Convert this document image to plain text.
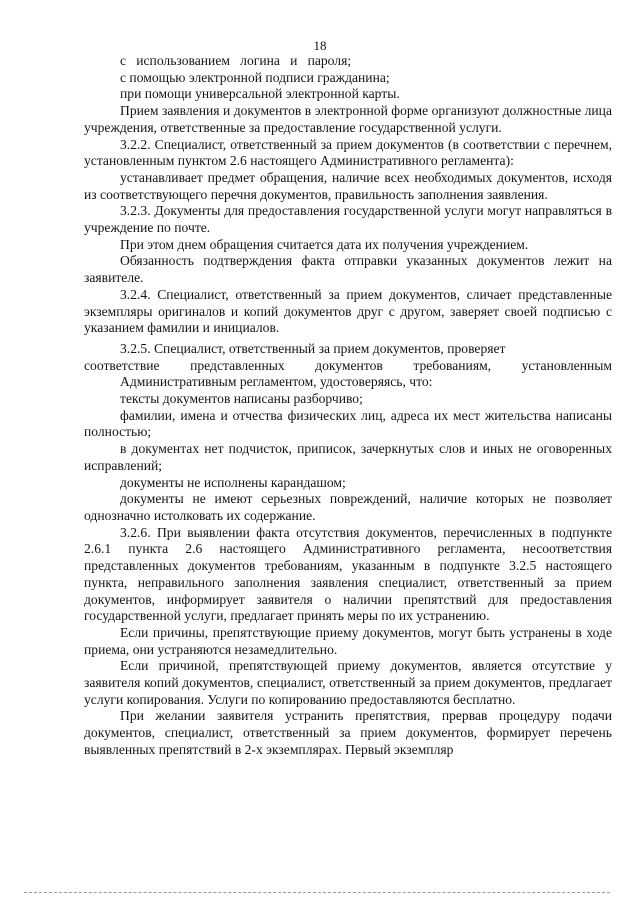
18

с использованием логина и пароля;

с помощью электронной подписи гражданина;

при помощи универсальной электронной карты.

Прием заявления и документов в электронной форме организуют должностные лица учреждения, ответственные за предоставление государственной услуги.

3.2.2. Специалист, ответственный за прием документов (в соответствии с перечнем, установленным пунктом 2.6 настоящего Административного регламента):

устанавливает предмет обращения, наличие всех необходимых документов, исходя из соответствующего перечня документов, правильность заполнения заявления.

3.2.3. Документы для предоставления государственной услуги могут направляться в учреждение по почте.

При этом днем обращения считается дата их получения учреждением.

Обязанность подтверждения факта отправки указанных документов лежит на заявителе.

3.2.4. Специалист, ответственный за прием документов, сличает представленные экземпляры оригиналов и копий документов друг с другом, заверяет своей подписью с указанием фамилии и инициалов.

3.2.5. Специалист, ответственный за прием документов, проверяет
соответствие представленных документов требованиям, установленным
Административным регламентом, удостоверяясь, что:

тексты документов написаны разборчиво;

фамилии, имена и отчества физических лиц, адреса их мест жительства написаны полностью;

в документах нет подчисток, приписок, зачеркнутых слов и иных не оговоренных исправлений;

документы не исполнены карандашом;

документы не имеют серьезных повреждений, наличие которых не позволяет однозначно истолковать их содержание.

3.2.6. При выявлении факта отсутствия документов, перечисленных в подпункте 2.6.1 пункта 2.6 настоящего Административного регламента, несоответствия представленных документов требованиям, указанным в подпункте 3.2.5 настоящего пункта, неправильного заполнения заявления специалист, ответственный за прием документов, информирует заявителя о наличии препятствий для предоставления государственной услуги, предлагает принять меры по их устранению.

Если причины, препятствующие приему документов, могут быть устранены в ходе приема, они устраняются незамедлительно.

Если причиной, препятствующей приему документов, является отсутствие у заявителя копий документов, специалист, ответственный за прием документов, предлагает услуги копирования. Услуги по копированию предоставляются бесплатно.

При желании заявителя устранить препятствия, прервав процедуру подачи документов, специалист, ответственный за прием документов, формирует перечень выявленных препятствий в 2-х экземплярах. Первый экземпляр
